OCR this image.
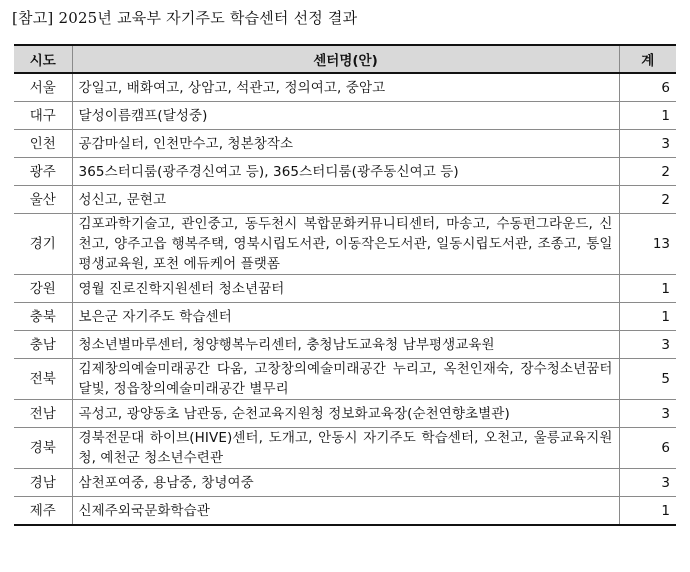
[참고] 2025년 교육부 자기주도 학습센터 선정 결과
시도	센터명(안)	계
서울	강일고, 배화여고, 상암고, 석관고, 정의여고, 중암고	6
대구	달성이름캠프(달성중)	1
인천	공감마실터, 인천만수고, 청본창작소	3
광주	365스터디룸(광주경신여고 등), 365스터디룸(광주동신여고 등)	2
울산	성신고, 문현고	2
경기	김포과학기술고, 관인중고, 동두천시 복합문화커뮤니티센터, 마송고, 수동펀그라운드, 신천고, 양주고읍 행복주택, 영북시립도서관, 이동작은도서관, 일동시립도서관, 조종고, 통일평생교육원, 포천 에듀케어 플랫폼	13
강원	영월 진로진학지원센터 청소년꿈터	1
충북	보은군 자기주도 학습센터	1
충남	청소년별마루센터, 청양행복누리센터, 충청남도교육청 남부평생교육원	3
전북	김제창의예술미래공간 다움, 고창창의예술미래공간 누리고, 옥천인재숙, 장수청소년꿈터 달빛, 정읍창의예술미래공간 별무리	5
전남	곡성고, 광양동초 남관동, 순천교육지원청 정보화교육장(순천연향초별관)	3
경북	경북전문대 하이브(HIVE)센터, 도개고, 안동시 자기주도 학습센터, 오천고, 울릉교육지원청, 예천군 청소년수련관	6
경남	삼천포여중, 용남중, 창녕여중	3
제주	신제주외국문화학습관	1
